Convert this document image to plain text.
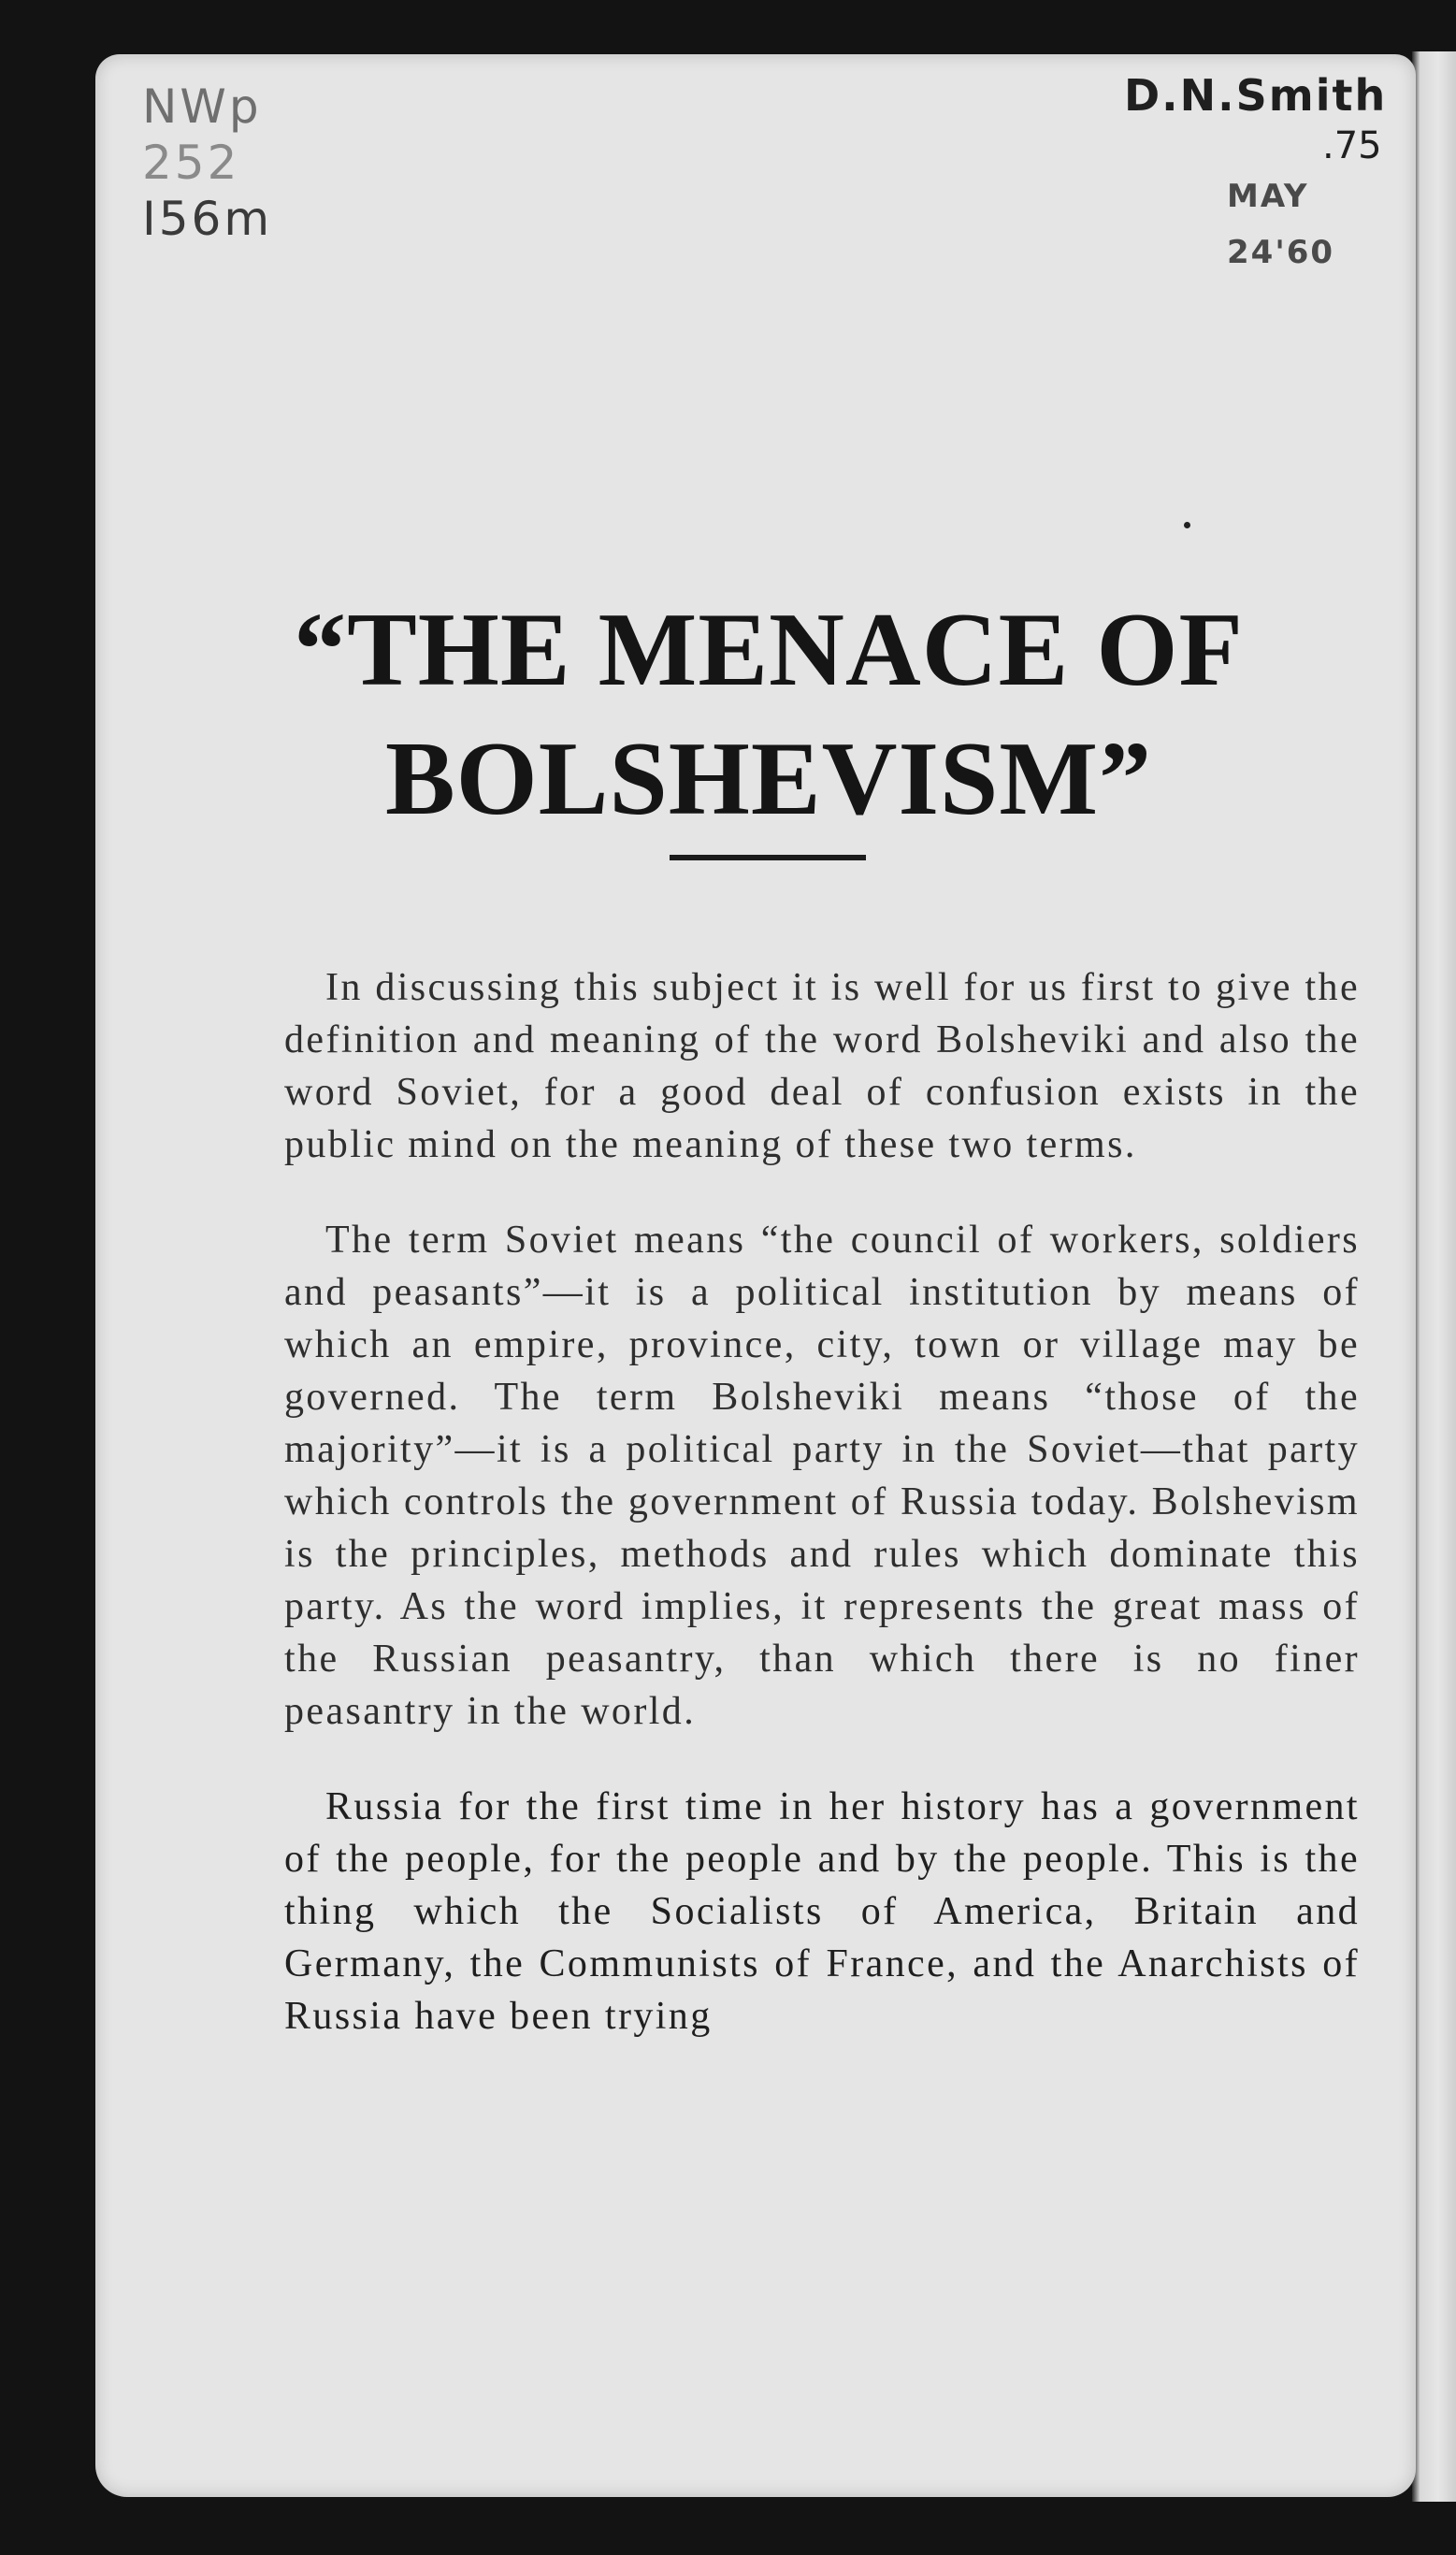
NWp
252
I56m
D.N.Smith
.75
MAY 24'60
“THE MENACE OF
BOLSHEVISM”

In discussing this subject it is well for us first to give the definition and meaning of the word Bolsheviki and also the word Soviet, for a good deal of confusion exists in the public mind on the meaning of these two terms.

The term Soviet means “the council of workers, soldiers and peasants”—it is a political institution by means of which an empire, province, city, town or village may be governed. The term Bolsheviki means “those of the majority”—it is a political party in the Soviet—that party which controls the government of Russia today. Bolshevism is the principles, methods and rules which dominate this party. As the word implies, it represents the great mass of the Russian peasantry, than which there is no finer peasantry in the world.

Russia for the first time in her history has a government of the people, for the people and by the people. This is the thing which the Socialists of America, Britain and Germany, the Communists of France, and the Anarchists of Russia have been trying
